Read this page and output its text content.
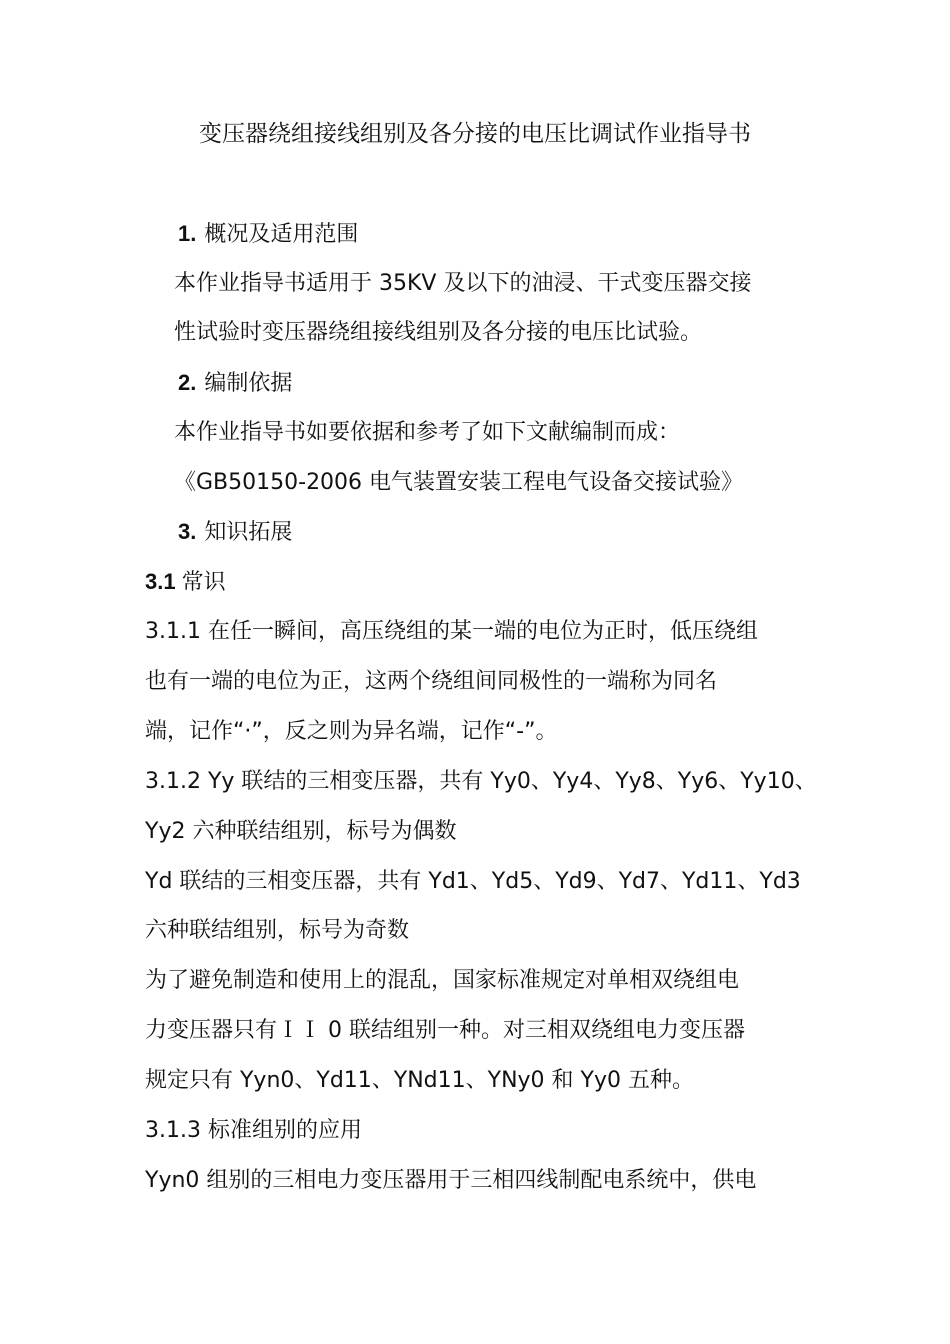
变压器绕组接线组别及各分接的电压比调试作业指导书
1. 概况及适用范围
本作业指导书适用于 35KV 及以下的油浸、干式变压器交接
性试验时变压器绕组接线组别及各分接的电压比试验。
2. 编制依据
本作业指导书如要依据和参考了如下文献编制而成：
《GB50150-2006 电气装置安装工程电气设备交接试验》
3. 知识拓展
3.1 常识
3.1.1 在任一瞬间，高压绕组的某一端的电位为正时，低压绕组
也有一端的电位为正，这两个绕组间同极性的一端称为同名
端，记作“·”，反之则为异名端，记作“-”。
3.1.2 Yy 联结的三相变压器，共有 Yy0、Yy4、Yy8、Yy6、Yy10、
Yy2 六种联结组别，标号为偶数
Yd 联结的三相变压器，共有 Yd1、Yd5、Yd9、Yd7、Yd11、Yd3
六种联结组别，标号为奇数
为了避免制造和使用上的混乱，国家标准规定对单相双绕组电
力变压器只有ＩＩ 0 联结组别一种。对三相双绕组电力变压器
规定只有 Yyn0、Yd11、YNd11、YNy0 和 Yy0 五种。
3.1.3 标准组别的应用
Yyn0 组别的三相电力变压器用于三相四线制配电系统中，供电
